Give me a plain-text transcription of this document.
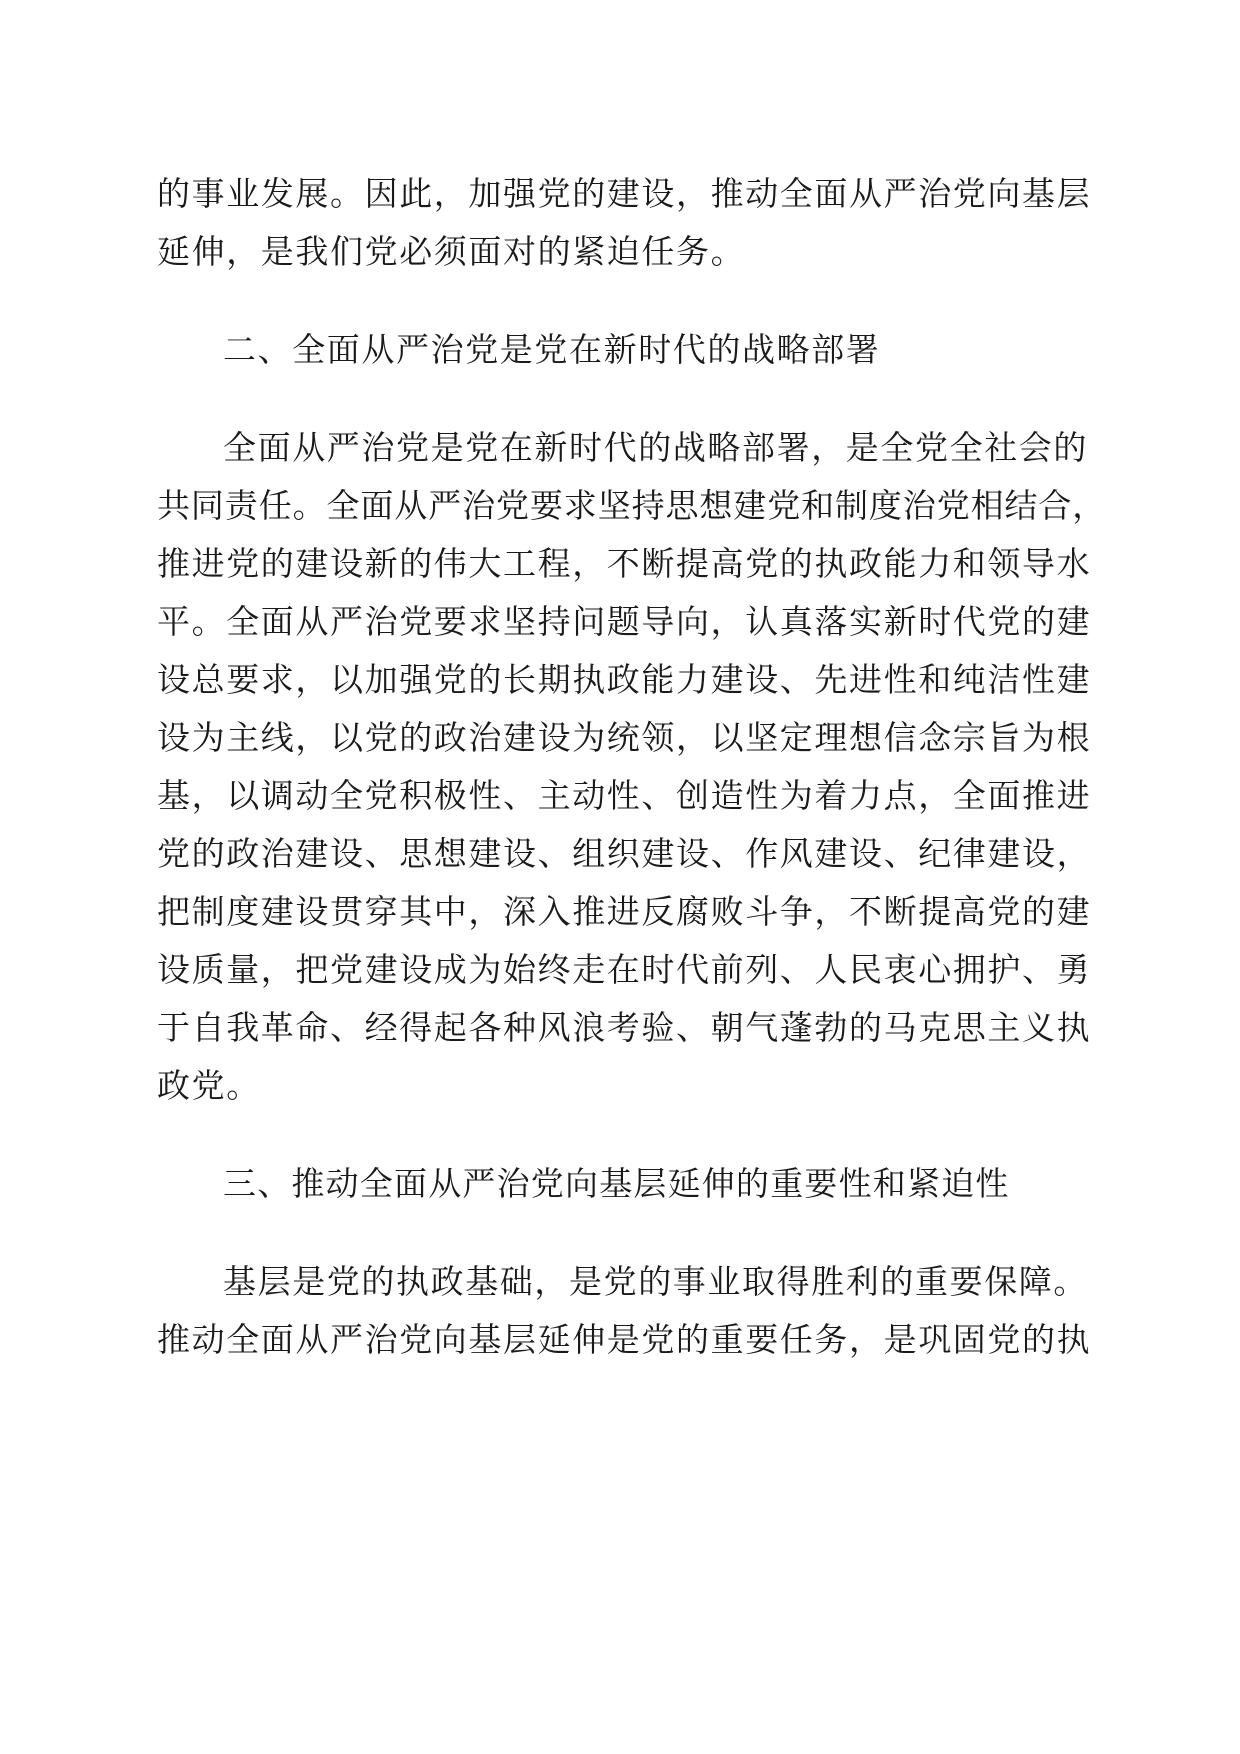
的事业发展。因此，加强党的建设，推动全面从严治党向基层

延伸，是我们党必须面对的紧迫任务。

二、全面从严治党是党在新时代的战略部署

全面从严治党是党在新时代的战略部署，是全党全社会的

共同责任。全面从严治党要求坚持思想建党和制度治党相结合，

推进党的建设新的伟大工程，不断提高党的执政能力和领导水

平。全面从严治党要求坚持问题导向，认真落实新时代党的建

设总要求，以加强党的长期执政能力建设、先进性和纯洁性建

设为主线，以党的政治建设为统领，以坚定理想信念宗旨为根

基，以调动全党积极性、主动性、创造性为着力点，全面推进

党的政治建设、思想建设、组织建设、作风建设、纪律建设，

把制度建设贯穿其中，深入推进反腐败斗争，不断提高党的建

设质量，把党建设成为始终走在时代前列、人民衷心拥护、勇

于自我革命、经得起各种风浪考验、朝气蓬勃的马克思主义执

政党。

三、推动全面从严治党向基层延伸的重要性和紧迫性

基层是党的执政基础，是党的事业取得胜利的重要保障。

推动全面从严治党向基层延伸是党的重要任务，是巩固党的执
